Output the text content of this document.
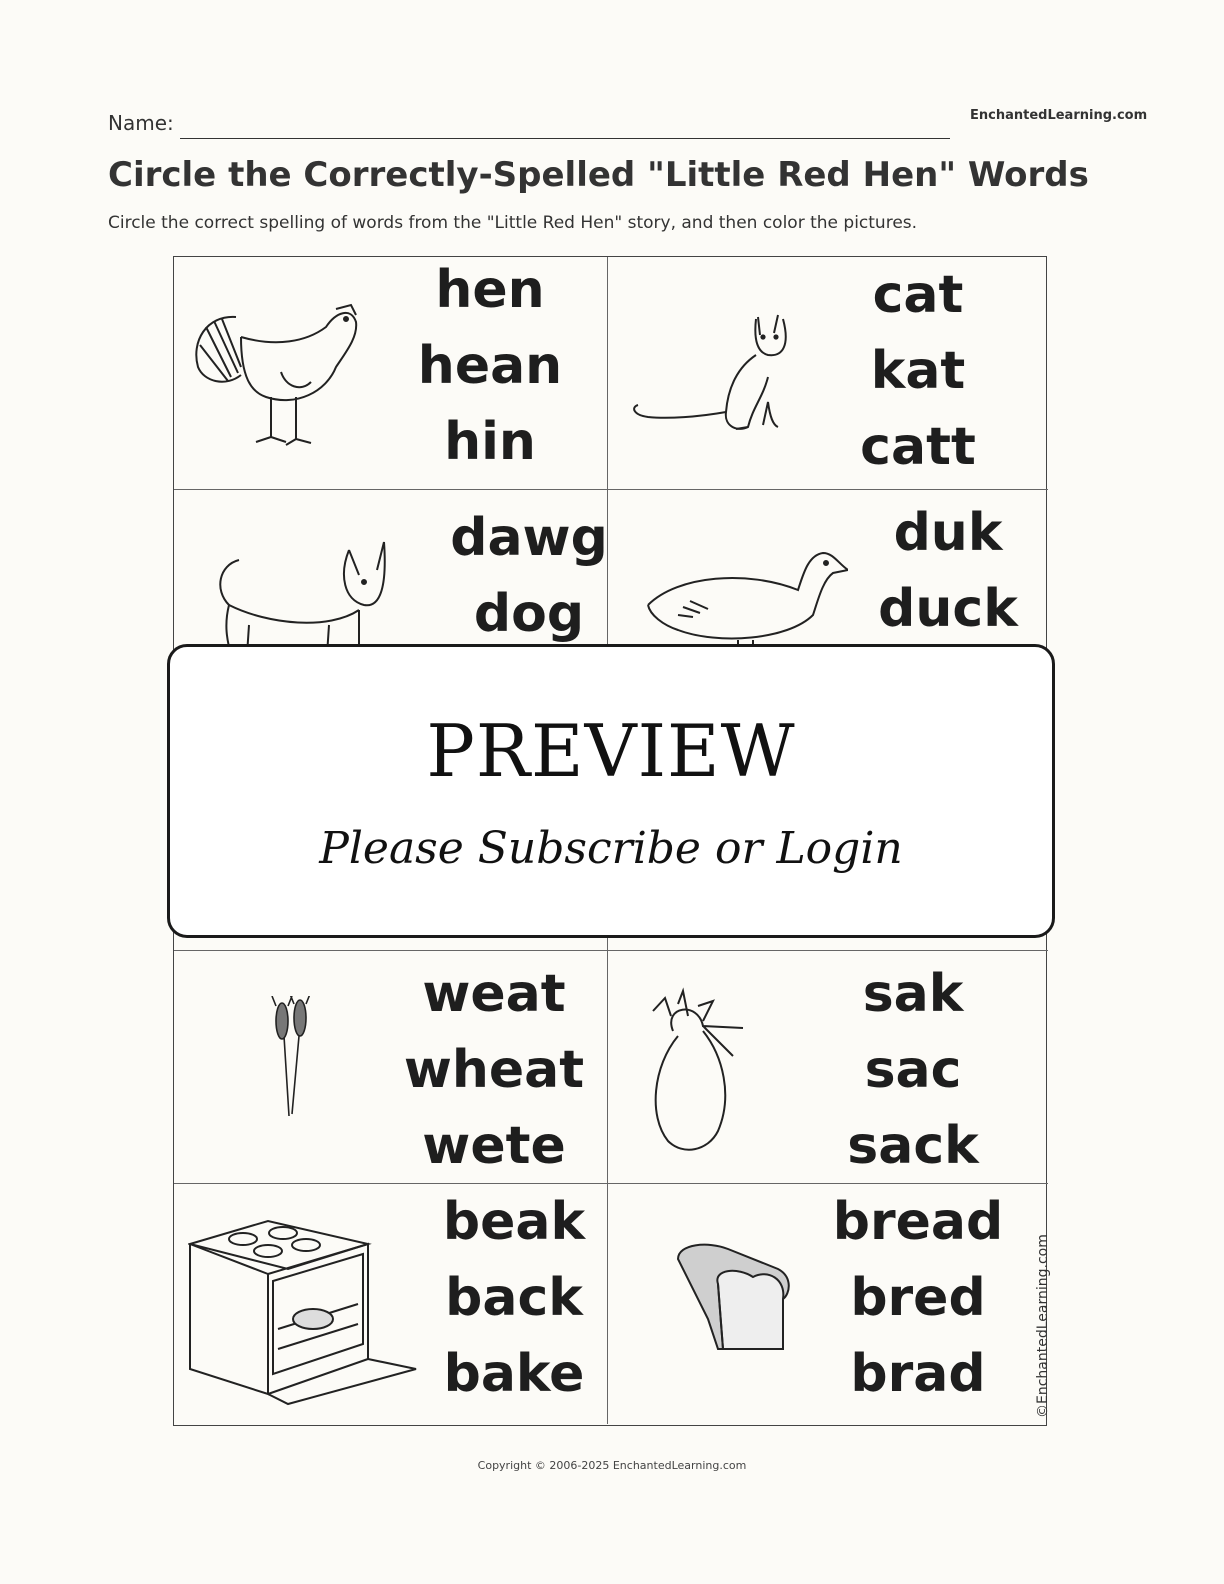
Name:	EnchantedLearning.com
Circle the Correctly-Spelled "Little Red Hen" Words
Circle the correct spelling of words from the "Little Red Hen" story, and then color the pictures.
hen
hean
hin
cat
kat
catt
dawg
dog
duk
duck
weat
wheat
wete
sak
sac
sack
beak
back
bake
bread
bred
brad	©EnchantedLearning.com
PREVIEW
Please Subscribe or Login
Copyright © 2006-2025 EnchantedLearning.com
